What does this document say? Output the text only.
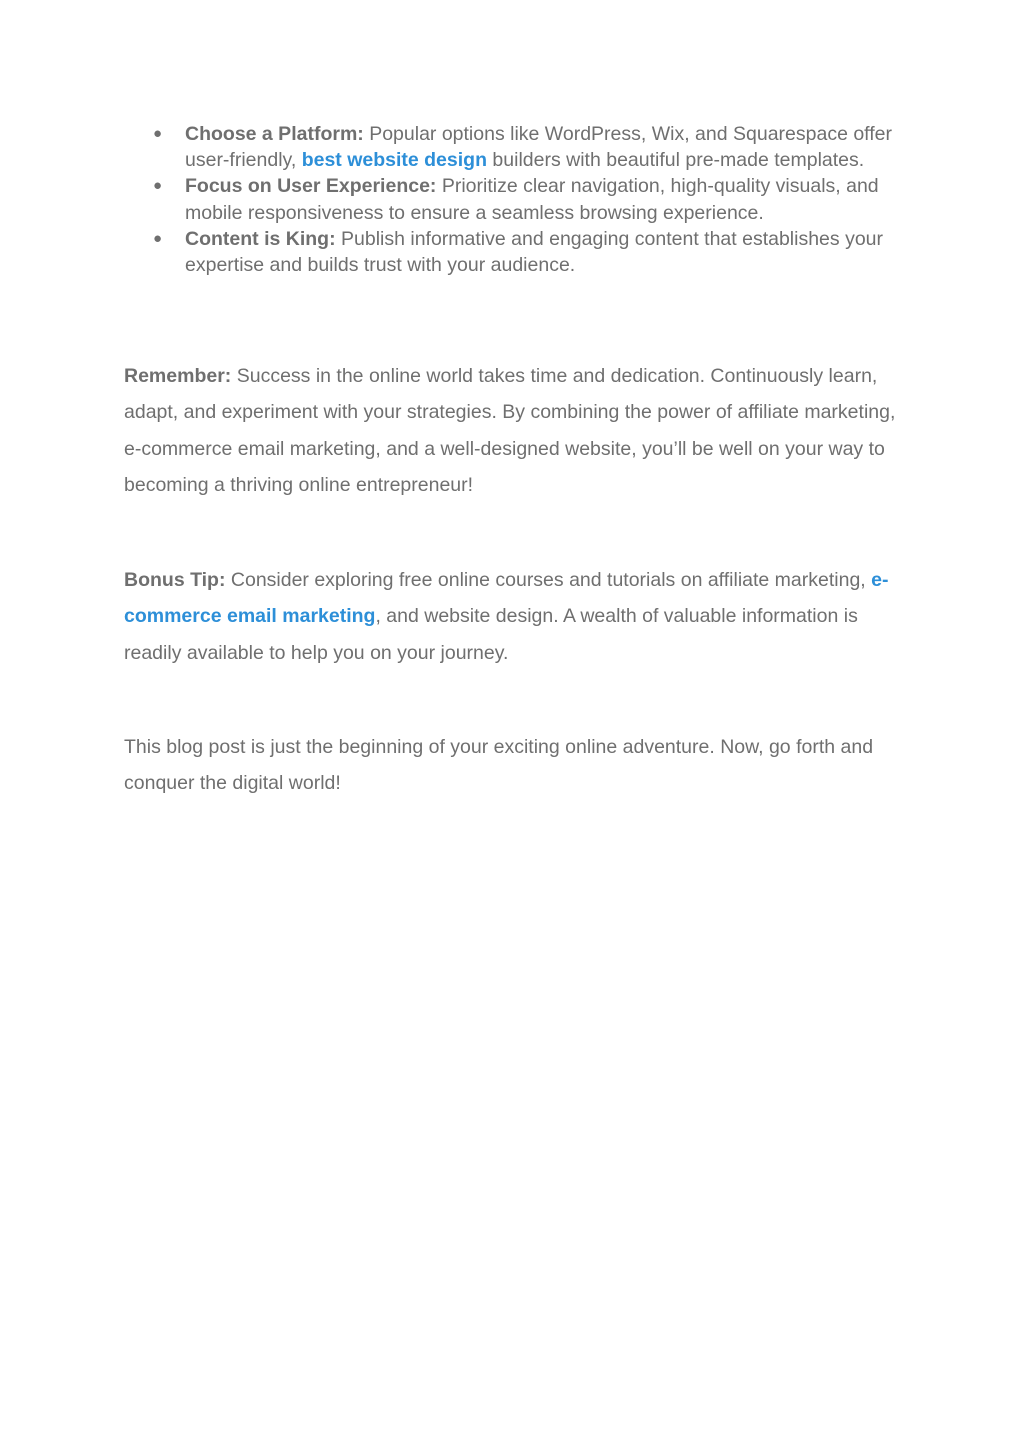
● Choose a Platform: Popular options like WordPress, Wix, and Squarespace offer user-friendly, best website design builders with beautiful pre-made templates.
● Focus on User Experience: Prioritize clear navigation, high-quality visuals, and mobile responsiveness to ensure a seamless browsing experience.
● Content is King: Publish informative and engaging content that establishes your expertise and builds trust with your audience.

Remember: Success in the online world takes time and dedication. Continuously learn, adapt, and experiment with your strategies. By combining the power of affiliate marketing, e-commerce email marketing, and a well-designed website, you’ll be well on your way to becoming a thriving online entrepreneur!

Bonus Tip: Consider exploring free online courses and tutorials on affiliate marketing, e-commerce email marketing, and website design. A wealth of valuable information is readily available to help you on your journey.

This blog post is just the beginning of your exciting online adventure. Now, go forth and conquer the digital world!
